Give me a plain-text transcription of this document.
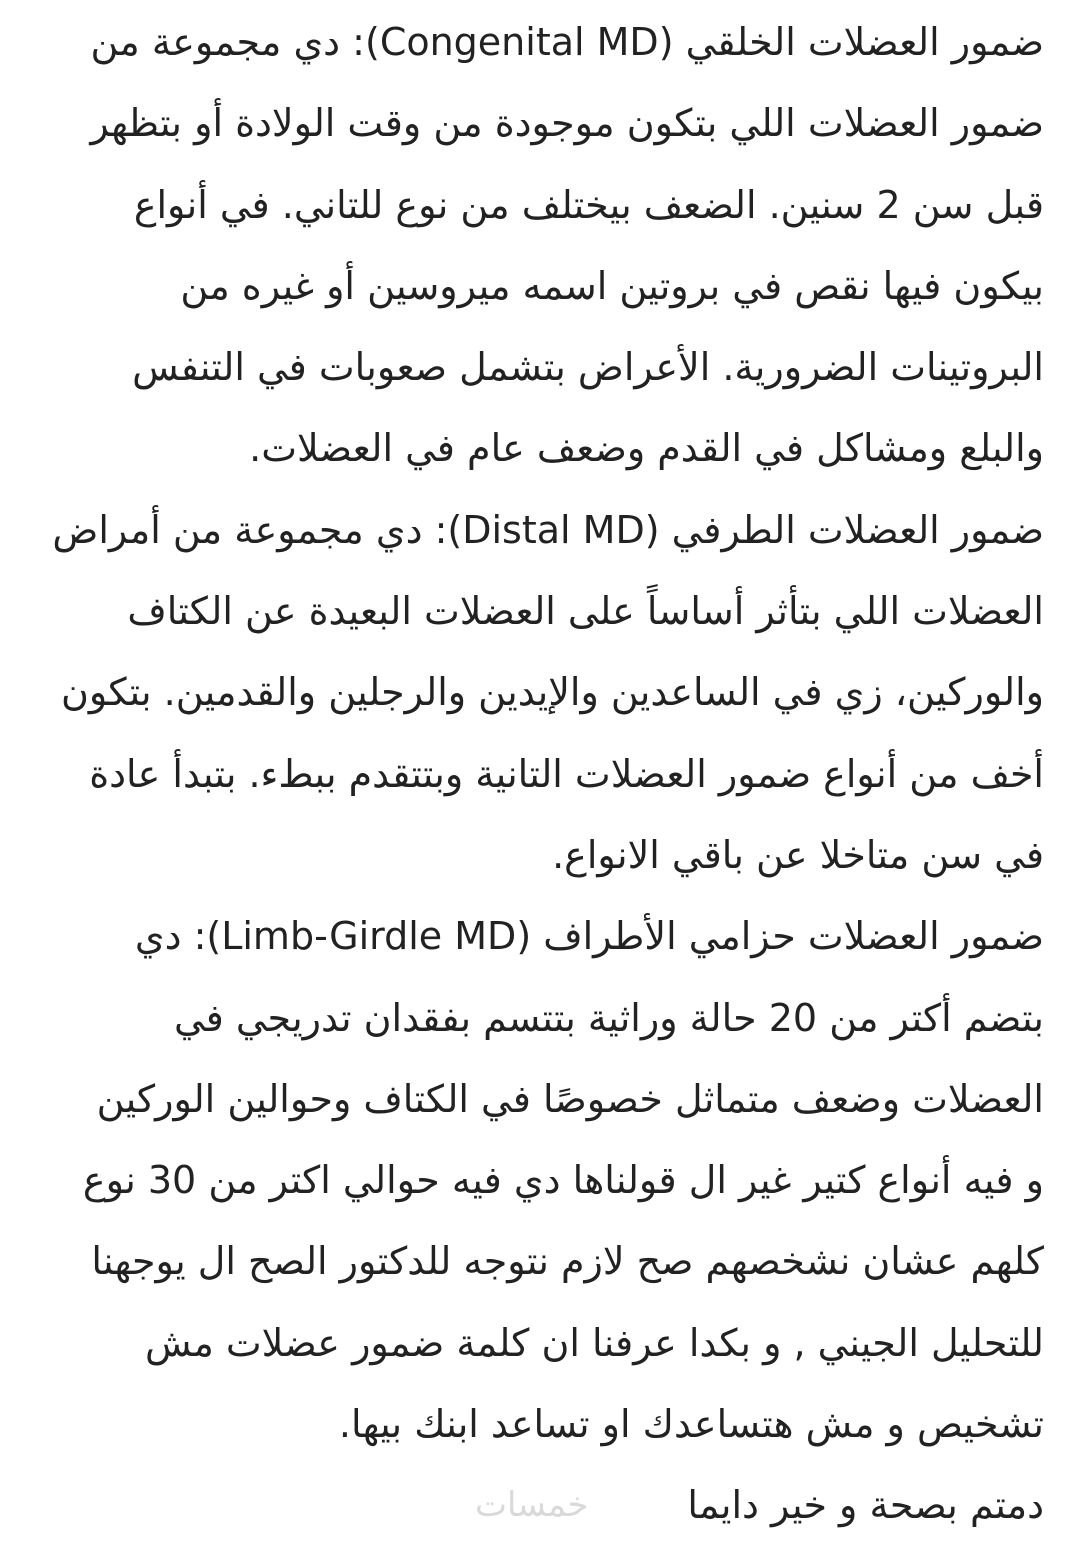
ضمور العضلات الخلقي (Congenital MD): دي مجموعة من
ضمور العضلات اللي بتكون موجودة من وقت الولادة أو بتظهر
قبل سن 2 سنين. الضعف بيختلف من نوع للتاني. في أنواع
بيكون فيها نقص في بروتين اسمه ميروسين أو غيره من
البروتينات الضرورية. الأعراض بتشمل صعوبات في التنفس
والبلع ومشاكل في القدم وضعف عام في العضلات.
ضمور العضلات الطرفي (Distal MD): دي مجموعة من أمراض
العضلات اللي بتأثر أساساً على العضلات البعيدة عن الكتاف
والوركين، زي في الساعدين والإيدين والرجلين والقدمين. بتكون
أخف من أنواع ضمور العضلات التانية وبتتقدم ببطء. بتبدأ عادة
في سن متاخلا عن باقي الانواع.
ضمور العضلات حزامي الأطراف (Limb-Girdle MD): دي
بتضم أكتر من 20 حالة وراثية بتتسم بفقدان تدريجي في
العضلات وضعف متماثل خصوصًا في الكتاف وحوالين الوركين
و فيه أنواع كتير غير ال قولناها دي فيه حوالي اكتر من 30 نوع
كلهم عشان نشخصهم صح لازم نتوجه للدكتور الصح ال يوجهنا
للتحليل الجيني , و بكدا عرفنا ان كلمة ضمور عضلات مش
تشخيص و مش هتساعدك او تساعد ابنك بيها.
دمتم بصحة و خير دايما
خمسات
